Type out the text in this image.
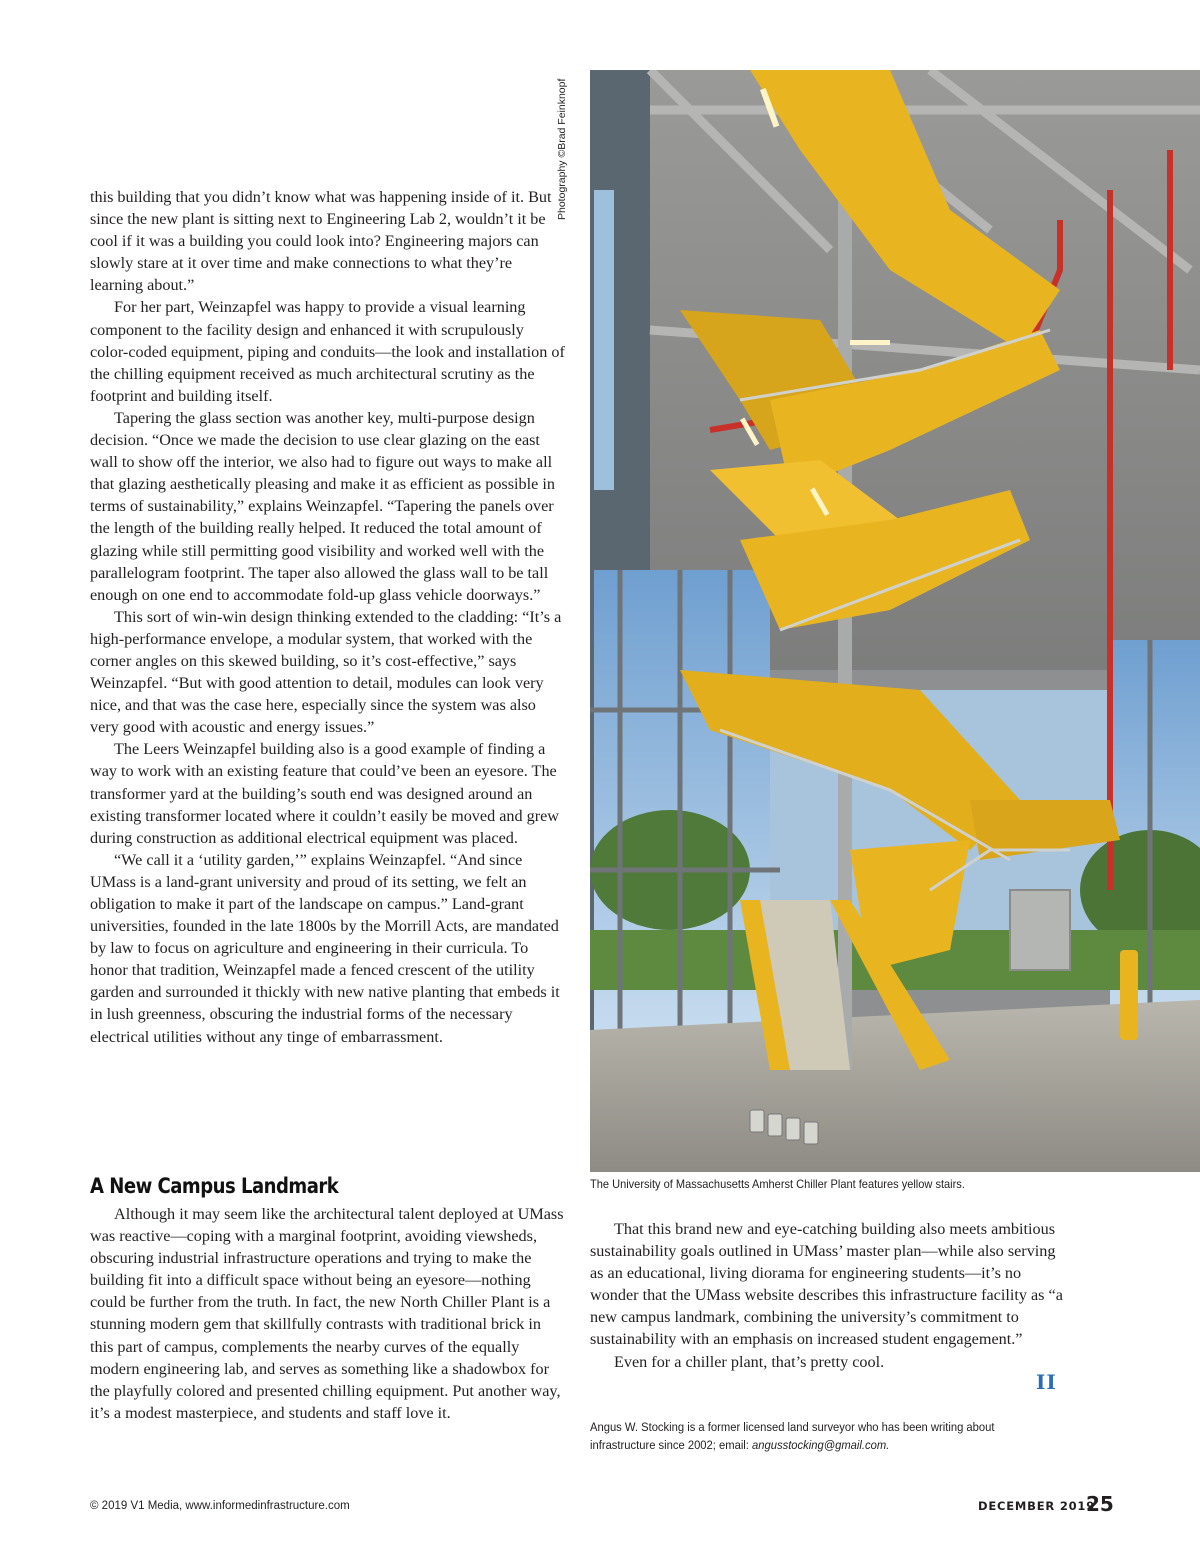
this building that you didn’t know what was happening inside of it. But since the new plant is sitting next to Engineering Lab 2, wouldn’t it be cool if it was a building you could look into? Engineering majors can slowly stare at it over time and make connections to what they’re learning about.”

For her part, Weinzapfel was happy to provide a visual learning component to the facility design and enhanced it with scrupulously color-coded equipment, piping and conduits—the look and installation of the chilling equipment received as much architectural scrutiny as the footprint and building itself.

Tapering the glass section was another key, multi-purpose design decision. “Once we made the decision to use clear glazing on the east wall to show off the interior, we also had to figure out ways to make all that glazing aesthetically pleasing and make it as efficient as possible in terms of sustainability,” explains Weinzapfel. “Tapering the panels over the length of the building really helped. It reduced the total amount of glazing while still permitting good visibility and worked well with the parallelogram footprint. The taper also allowed the glass wall to be tall enough on one end to accommodate fold-up glass vehicle doorways.”

This sort of win-win design thinking extended to the cladding: “It’s a high-performance envelope, a modular system, that worked with the corner angles on this skewed building, so it’s cost-effective,” says Weinzapfel. “But with good attention to detail, modules can look very nice, and that was the case here, especially since the system was also very good with acoustic and energy issues.”

The Leers Weinzapfel building also is a good example of finding a way to work with an existing feature that could’ve been an eyesore. The transformer yard at the building’s south end was designed around an existing transformer located where it couldn’t easily be moved and grew during construction as additional electrical equipment was placed.

“We call it a ‘utility garden,’” explains Weinzapfel. “And since UMass is a land-grant university and proud of its setting, we felt an obligation to make it part of the landscape on campus.” Land-grant universities, founded in the late 1800s by the Morrill Acts, are mandated by law to focus on agriculture and engineering in their curricula. To honor that tradition, Weinzapfel made a fenced crescent of the utility garden and surrounded it thickly with new native planting that embeds it in lush greenness, obscuring the industrial forms of the necessary electrical utilities without any tinge of embarrassment.

A New Campus Landmark

Although it may seem like the architectural talent deployed at UMass was reactive—coping with a marginal footprint, avoiding viewsheds, obscuring industrial infrastructure operations and trying to make the building fit into a difficult space without being an eyesore—nothing could be further from the truth. In fact, the new North Chiller Plant is a stunning modern gem that skillfully contrasts with traditional brick in this part of campus, complements the nearby curves of the equally modern engineering lab, and serves as something like a shadowbox for the playfully colored and presented chilling equipment. Put another way, it’s a modest masterpiece, and students and staff love it.

Photography ©Brad Feinknopf
The University of Massachusetts Amherst Chiller Plant features yellow stairs.

That this brand new and eye-catching building also meets ambitious sustainability goals outlined in UMass’ master plan—while also serving as an educational, living diorama for engineering students—it’s no wonder that the UMass website describes this infrastructure facility as “a new campus landmark, combining the university’s commitment to sustainability with an emphasis on increased student engagement.”

Even for a chiller plant, that’s pretty cool.

II
Angus W. Stocking is a former licensed land surveyor who has been writing about infrastructure since 2002; email: angusstocking@gmail.com.
© 2019 V1 Media, www.informedinfrastructure.com	DECEMBER 2019
25
